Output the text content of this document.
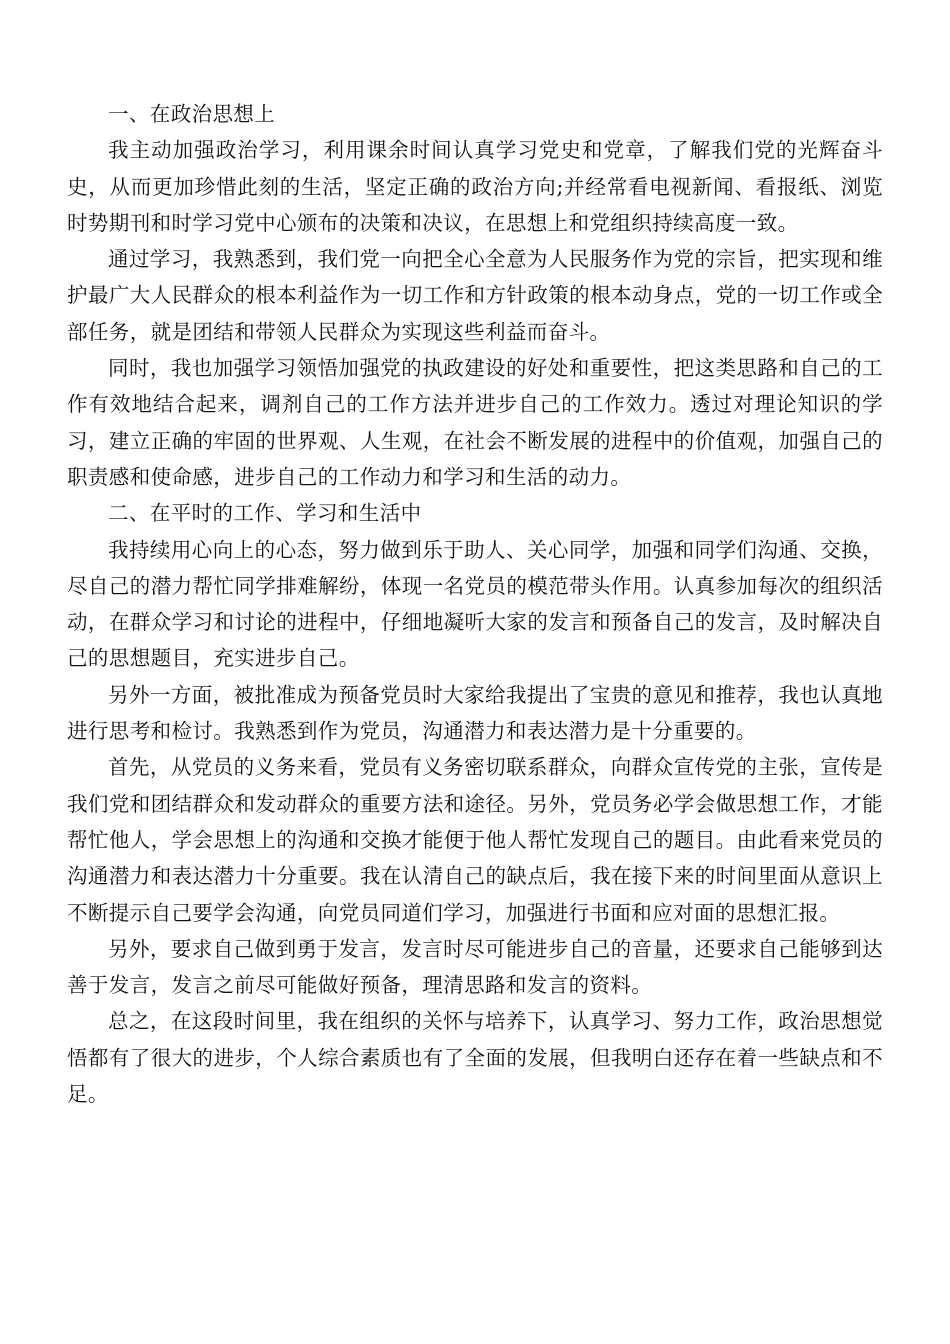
一、在政治思想上

我主动加强政治学习，利用课余时间认真学习党史和党章，了解我们党的光辉奋斗史，从而更加珍惜此刻的生活，坚定正确的政治方向;并经常看电视新闻、看报纸、浏览时势期刊和时学习党中心颁布的决策和决议，在思想上和党组织持续高度一致。

通过学习，我熟悉到，我们党一向把全心全意为人民服务作为党的宗旨，把实现和维护最广大人民群众的根本利益作为一切工作和方针政策的根本动身点，党的一切工作或全部任务，就是团结和带领人民群众为实现这些利益而奋斗。

同时，我也加强学习领悟加强党的执政建设的好处和重要性，把这类思路和自己的工作有效地结合起来，调剂自己的工作方法并进步自己的工作效力。透过对理论知识的学习，建立正确的牢固的世界观、人生观，在社会不断发展的进程中的价值观，加强自己的职责感和使命感，进步自己的工作动力和学习和生活的动力。

二、在平时的工作、学习和生活中

我持续用心向上的心态，努力做到乐于助人、关心同学，加强和同学们沟通、交换，尽自己的潜力帮忙同学排难解纷，体现一名党员的模范带头作用。认真参加每次的组织活动，在群众学习和讨论的进程中，仔细地凝听大家的发言和预备自己的发言，及时解决自己的思想题目，充实进步自己。

另外一方面，被批准成为预备党员时大家给我提出了宝贵的意见和推荐，我也认真地进行思考和检讨。我熟悉到作为党员，沟通潜力和表达潜力是十分重要的。

首先，从党员的义务来看，党员有义务密切联系群众，向群众宣传党的主张，宣传是我们党和团结群众和发动群众的重要方法和途径。另外，党员务必学会做思想工作，才能帮忙他人，学会思想上的沟通和交换才能便于他人帮忙发现自己的题目。由此看来党员的沟通潜力和表达潜力十分重要。我在认清自己的缺点后，我在接下来的时间里面从意识上不断提示自己要学会沟通，向党员同道们学习，加强进行书面和应对面的思想汇报。

另外，要求自己做到勇于发言，发言时尽可能进步自己的音量，还要求自己能够到达善于发言，发言之前尽可能做好预备，理清思路和发言的资料。

总之，在这段时间里，我在组织的关怀与培养下，认真学习、努力工作，政治思想觉悟都有了很大的进步，个人综合素质也有了全面的发展，但我明白还存在着一些缺点和不足。
